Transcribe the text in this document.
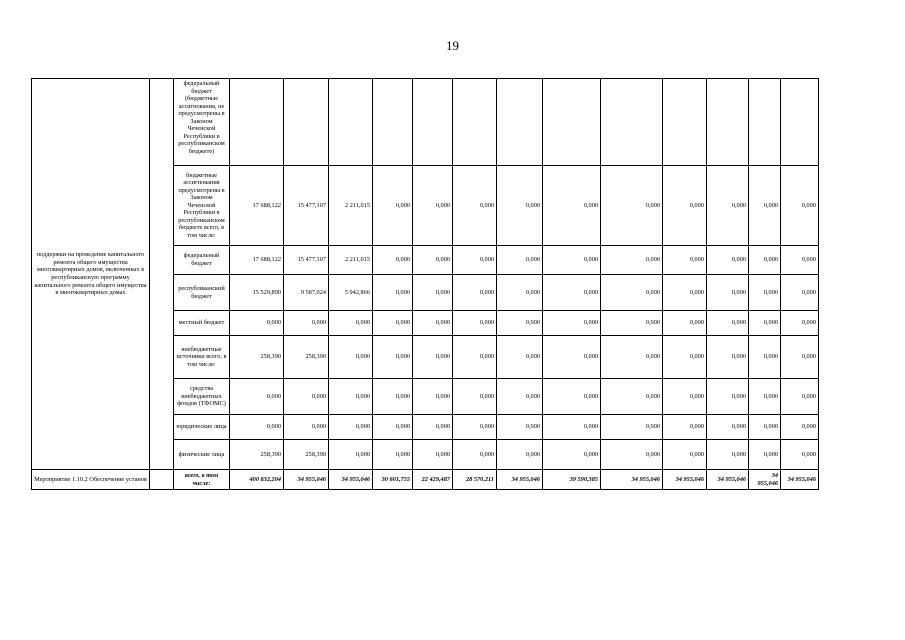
19
поддержки на проведение капитального ремонта общего имущества многоквартирных домов, включенных в республиканскую программу капитального ремонта общего имущества в многоквартирных домах		федеральный бюджет (бюджетные ассигнования, не предусмотрены в Законом Чеченской Республики в республиканском бюджете)													
		бюджетные ассигнования предусмотрены в Законом Чеченской Республики в республиканском бюджете всего, в том числе:	17 688,122	15 477,107	2 211,015	0,000	0,000	0,000	0,000	0,000	0,000	0,000	0,000	0,000	0,000
		федеральный бюджет	17 688,122	15 477,107	2 211,015	0,000	0,000	0,000	0,000	0,000	0,000	0,000	0,000	0,000	0,000
		республиканский бюджет	15 529,890	9 587,024	5 942,866	0,000	0,000	0,000	0,000	0,000	0,000	0,000	0,000	0,000	0,000
		местный бюджет	0,000	0,000	0,000	0,000	0,000	0,000	0,000	0,000	0,000	0,000	0,000	0,000	0,000
		внебюджетные источники всего, в том числе:	258,390	258,390	0,000	0,000	0,000	0,000	0,000	0,000	0,000	0,000	0,000	0,000	0,000
		средства внебюджетных фондов (ТФОМС)	0,000	0,000	0,000	0,000	0,000	0,000	0,000	0,000	0,000	0,000	0,000	0,000	0,000
		юридические лица	0,000	0,000	0,000	0,000	0,000	0,000	0,000	0,000	0,000	0,000	0,000	0,000	0,000
		физические лица	258,390	258,390	0,000	0,000	0,000	0,000	0,000	0,000	0,000	0,000	0,000	0,000	0,000
Мероприятие 1.10.2 Обеспечение установ		всего, в том числе:	400 832,204	34 955,046	34 955,046	30 601,755	22 429,487	28 570,211	34 955,046	39 590,385	34 955,046	34 955,046	34 955,046	34 955,046	34 955,046
